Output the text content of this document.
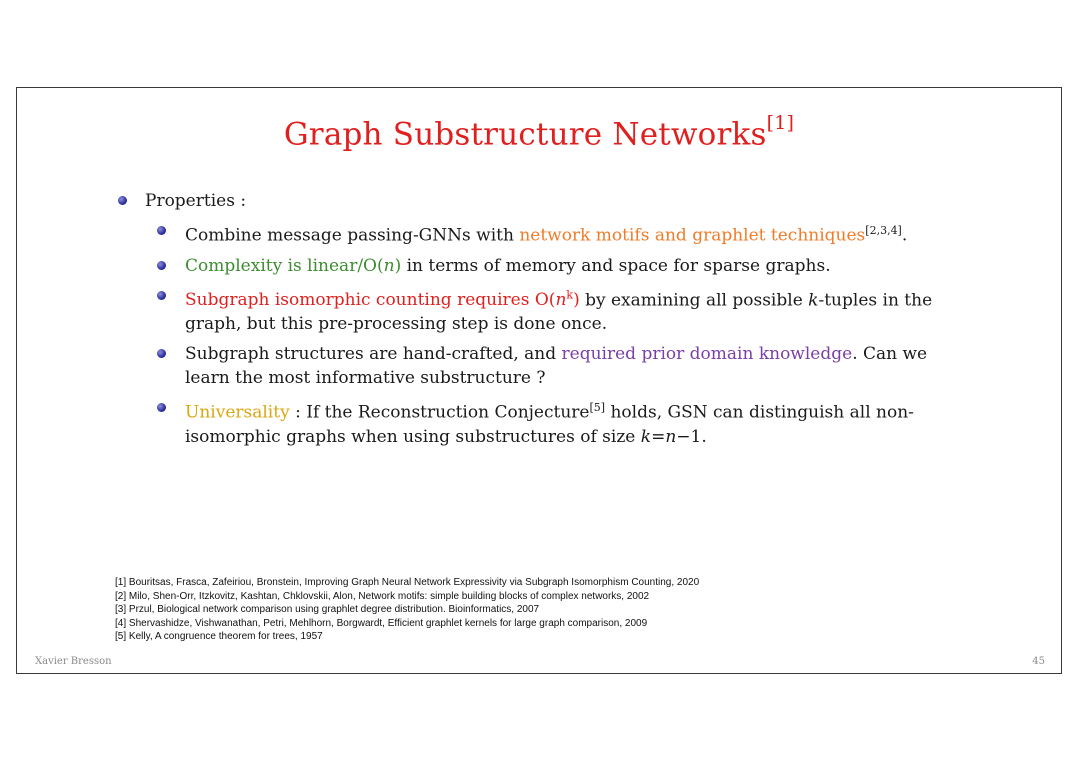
Graph Substructure Networks[1]
Properties :
Combine message passing-GNNs with network motifs and graphlet techniques[2,3,4].
Complexity is linear/O(n) in terms of memory and space for sparse graphs.
Subgraph isomorphic counting requires $O(n^k)$ by examining all possible k-tuples in the graph, but this pre-processing step is done once.
Subgraph structures are hand-crafted, and required prior domain knowledge. Can we learn the most informative substructure ?
Universality : If the Reconstruction Conjecture[5] holds, GSN can distinguish all non-isomorphic graphs when using substructures of size k=n−1.
[1] Bouritsas, Frasca, Zafeiriou, Bronstein, Improving Graph Neural Network Expressivity via Subgraph Isomorphism Counting, 2020
[2] Milo, Shen-Orr, Itzkovitz, Kashtan, Chklovskii, Alon, Network motifs: simple building blocks of complex networks, 2002
[3] Przul, Biological network comparison using graphlet degree distribution. Bioinformatics, 2007
[4] Shervashidze, Vishwanathan, Petri, Mehlhorn, Borgwardt, Efficient graphlet kernels for large graph comparison, 2009
[5] Kelly, A congruence theorem for trees, 1957
Xavier Bresson	45
